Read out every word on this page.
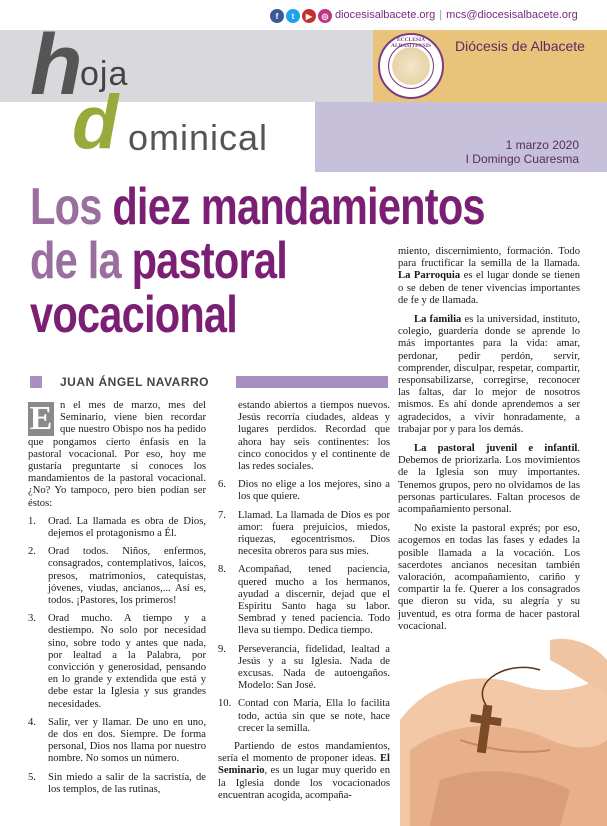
f	t	▶	◎ diocesisalbacete.org | mcs@diocesisalbacete.org
ECCLESIA ALBASITENSIS	Diócesis de Albacete
h
oja
d ominical	1 marzo 2020
I Domingo Cuaresma
Los diez mandamientos
de la pastoral
vocacional
JUAN ÁNGEL NAVARRO
E n el mes de marzo, mes del Seminario, viene bien recordar que nuestro Obispo nos ha pedido que pongamos cierto énfasis en la pastoral vocacional. Por eso, hoy me gustaría preguntarte si conoces los mandamientos de la pastoral vocacional. ¿No? Yo tampoco, pero bien podían ser éstos:
1. Orad. La llamada es obra de Dios, dejemos el protagonismo a Él.
2. Orad todos. Niños, enfermos, consagrados, contemplativos, laicos, presos, matrimonios, catequistas, jóvenes, viudas, ancianos,... Así es, todos. ¡Pastores, los primeros!
3. Orad mucho. A tiempo y a destiempo. No solo por necesidad sino, sobre todo y antes que nada, por lealtad a la Palabra, por convicción y generosidad, pensando en lo grande y extendida que está y debe estar la Iglesia y sus grandes necesidades.
4. Salir, ver y llamar. De uno en uno, de dos en dos. Siempre. De forma personal, Dios nos llama por nuestro nombre. No somos un número.
5. Sin miedo a salir de la sacristía, de los templos, de las rutinas,
estando abiertos a tiempos nuevos. Jesús recorría ciudades, aldeas y lugares perdidos. Recordad que ahora hay seis continentes: los cinco conocidos y el continente de las redes sociales.
6. Dios no elige a los mejores, sino a los que quiere.
7. Llamad. La llamada de Dios es por amor: fuera prejuicios, miedos, riquezas, egocentrismos. Dios necesita obreros para sus mies.
8. Acompañad, tened paciencia, quered mucho a los hermanos, ayudad a discernir, dejad que el Espíritu Santo haga su labor. Sembrad y tened paciencia. Todo lleva su tiempo. Dedica tiempo.
9. Perseverancia, fidelidad, lealtad a Jesús y a su Iglesia. Nada de excusas. Nada de autoengaños. Modelo: San José.
10. Contad con María, Ella lo facilita todo, actúa sin que se note, hace crecer la semilla.

Partiendo de estos mandamientos, sería el momento de proponer ideas. El Seminario, es un lugar muy querido en la Iglesia donde los vocacionados encuentran acogida, acompaña-

miento, discernimiento, formación. Todo para fructificar la semilla de la llamada. La Parroquia es el lugar donde se tienen o se deben de tener vivencias importantes de fe y de llamada.

La familia es la universidad, instituto, colegio, guardería donde se aprende lo más importantes para la vida: amar, perdonar, pedir perdón, servir, comprender, disculpar, respetar, compartir, responsabilizarse, corregirse, reconocer las faltas, dar lo mejor de nosotros mismos. Es ahí donde aprendemos a ser agradecidos, a vivir honradamente, a trabajar por y para los demás.

La pastoral juvenil e infantil. Debemos de priorizarla. Los movimientos de la Iglesia son muy importantes. Tenemos grupos, pero no olvidamos de las personas particulares. Faltan procesos de acompañamiento personal.

No existe la pastoral exprés; por eso, acogemos en todas las fases y edades la posible llamada a la vocación. Los sacerdotes ancianos necesitan también valoración, acompañamiento, cariño y compartir la fe. Querer a los consagrados que dieron su vida, su alegría y su juventud, es otra forma de hacer pastoral vocacional.
